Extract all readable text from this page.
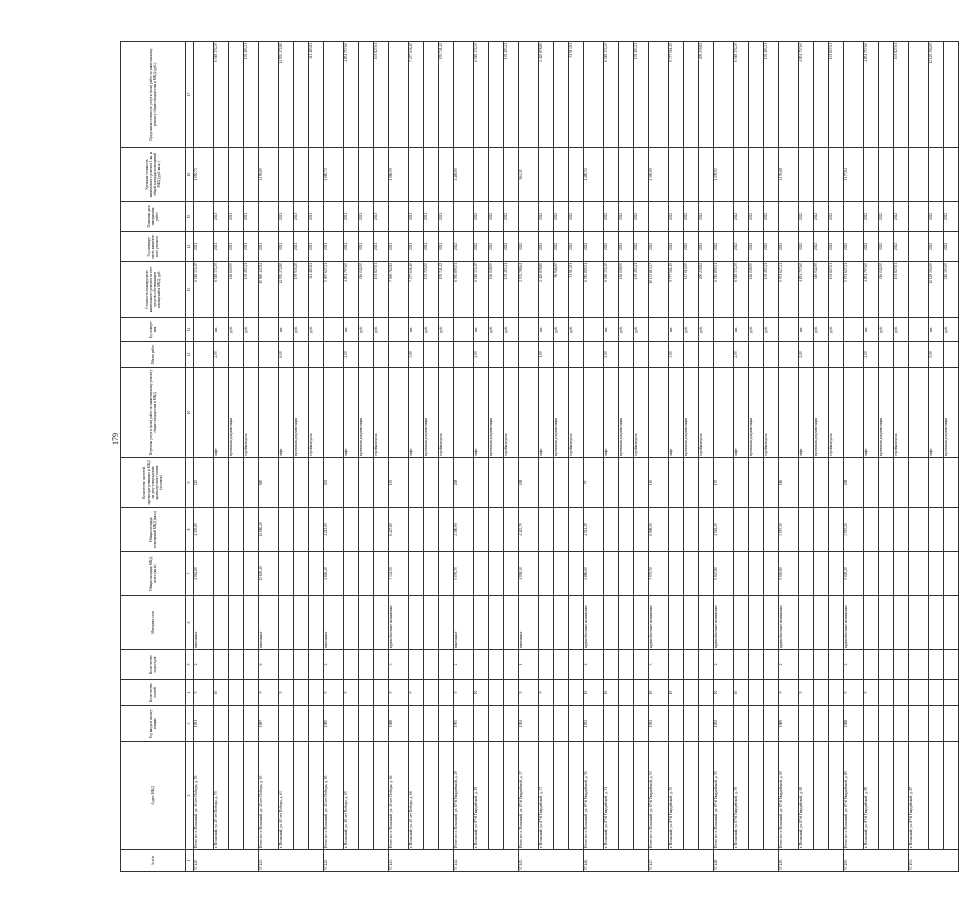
179
№ п/п	Адрес МКД	Год ввода в эксплу-атацию	Коли-чество этажей	Коли-чество подъездов	Материал стен	Общая площадь МКД, всего (кв.м)	Общая площадь помещений МКД (кв.м)	Количество жителей, зарегистри-рованных в МКД на дату утверждения краткосрочного плана (человек)	Перечень услуг и (или) работ по капитальному ремонту общего имущества в МКД	Объем работ	Ед. измере-ния	Стоимость планируемого капитального ремонта за счет средств собственников помещений в МКД, руб.	Год планиру-емого капиталь-ного ремонта	Плановая дата завершения работ	Удельная стоимость капитального ремонта 1 кв. м общей площади помещений МКД (руб./кв.м.)	Предельная стоимость услуг и (или) работ по капитальному ремонту общего имущества в МКД (руб.)
1	2	3	4	5	6	7	8	9	10	11	12	13	14	15	16	17
57.140.	Итого по: г. Волжский, ул. 40 лет Победы, д. 55	1991	9	2	панельные	4 962,80	4 393,80	245				6 518 374,30	2021		1 050,73	
	г. Волжский, ул. 40 лет Победы, д. 55		10						лифт	2,00	шт.	6 518 374,30	2021	2021		6 518 374,30
									проектная документация		руб.	126 620,00	2021	2021		
									стройконтроль		руб.	139 493,21	2021	2021		139 493,21
57.141.	Итого по: г. Волжский, ул. 40 лет Победы, д. 63	1987	9	6	панельные	13 600,40	12 086,20	580				15 960 447,84	2021		1 159,60	
	г. Волжский, ул. 40 лет Победы, д. 63		9						лифт	6,00	шт.	14 555 272,80	2021	2021		14 555 272,80
									проектная документация		руб.	159 930,20	2021	2021		
									стройконтроль		руб.	311 483,84	2021	2021		311 483,84
57.142.	Итого по: г. Волжский, ул. 40 лет Победы, д. 65	1985	9	2	панельные	4 826,40	4 212,90	202				5 007 627,21	2021		1 080,72	
	г. Волжский, ул. 40 лет Победы, д. 65		9						лифт	2,00	шт.	4 851 757,60	2021	2021		4 851 757,60
									проектная документация		руб.	116 042,00	2021	2021		
									стройконтроль		руб.	101 827,61	2021	2021		101 827,61
57.143.	Итого по: г. Волжский, ул. 40 лет Победы, д. 66	1988	9	3	крупноблочные силикатные	7 332,50	6 427,80	105				7 569 762,82	2021		1 086,59	
	г. Волжский, ул. 40 лет Победы, д. 66		9						лифт	3,00	шт.	7 277 636,40	2021	2021		7 277 636,40
									проектная документация		руб.	135 725,00	2021	2021		
									стройконтроль		руб.	155 741,42	2021	2021		155 741,42
57.144.	Итого по: г. Волжский, ул. 87-й Гвардейской, д. 29	1993	9	2	панельные	5 076,70	4 380,90	208				6 783 895,51	2022		1 469,60	
	г. Волжский, ул. 87-й Гвардейской, д. 29		10						лифт	2,00	шт.	6 518 374,30	2022	2022		6 518 374,30
									проектная документация		руб.	126 028,00	2022	2022		
									стройконтроль		руб.	139 493,21	2022	2022		139 493,21
57.145.	Итого по: г. Волжский, ул. 87-й Гвардейской, д. 37	1994	9	1	панельные	4 958,10	4 423,70	208				2 574 788,64	2022		564,30	
	г. Волжский, ул. 87-й Гвардейской, д. 37		9						лифт	1,00	шт.	2 425 878,80	2022	2022		2 425 878,80
									проектная документация		руб.	96 946,00	2022	2022		
									стройконтроль		руб.	51 913,81	2022	2022		51 913,81
57.146.	Итого по: г. Волжский, ул. 87-й Гвардейской, д. 51	1992	10	2	крупноблочные силикатные	4 886,60	4 511,29	77				6 783 895,51	2022		1 480,52	
	г. Волжский, ул. 87-й Гвардейской, д. 51		10						лифт	2,00	шт.	6 518 374,30	2022	2022		6 518 374,30
									проектная документация		руб.	126 028,00	2022	2022		
									стройконтроль		руб.	139 493,21	2022	2022		139 493,21
57.147.	Итого по: г. Волжский, ул. 87-й Гвардейской, д. 53	1992	10	3	крупноблочные силикатные	7 975,50	6 998,50	110				10 133 810,27	2022		1 390,69	
	г. Волжский, ул. 87-й Гвардейской, д. 53		10						лифт	3,00	шт.	9 777 561,45	2022	2022		9 777 561,45
									проектная документация		руб.	147 010,00	2022	2022		
									стройконтроль		руб.	209 239,82	2022	2022		209 239,82
57.148.	Итого по: г. Волжский, ул. 87-й Гвардейской, д. 55	1992	10	2	крупноблочные силикатные	5 947,80	4 562,20	170				6 783 895,51	2022		1 478,93	
	г. Волжский, ул. 87-й Гвардейской, д. 55		10						лифт	2,00	шт.	6 518 374,30	2022	2022		6 518 374,30
									проектная документация		руб.	126 028,00	2022	2022		
									стройконтроль		руб.	139 493,21	2022	2022		139 493,21
57.149.	Итого по: г. Волжский, ул. 87-й Гвардейской, д. 65	1989	9	2	крупноблочные силикатные	5 020,80	3 957,10	186				5 071 627,21	2022		1 176,68	
	г. Волжский, ул. 87-й Гвардейской, д. 65		9						лифт	2,00	шт.	4 851 757,60	2022	2022		4 851 757,60
									проектная документация		руб.	116 042,00	2022	2022		
									стройконтроль		руб.	101 827,61	2022	2022		101 827,61
57.150.	Итого по: г. Волжский, ул. 87-й Гвардейской, д. 85	1988	9	2	крупноблочные силикатные	5 029,40	3 957,20	208				5 071 627,21	2022		1 177,84	
	г. Волжский, ул. 87-й Гвардейской, д. 85		9						лифт	2,00	шт.	4 851 757,60	2022	2022		4 851 757,60
									проектная документация		руб.	116 042,00	2022	2022		
									стройконтроль		руб.	101 827,61	2022	2022		101 827,61
57.151.	г. Волжский, ул. 87-й Гвардейской, д. 87															
									лифт	5,00	шт.	12 129 394,00	2022	2022		12 129 394,00
									проектная документация		руб.	116 303,00	2022	2022		
